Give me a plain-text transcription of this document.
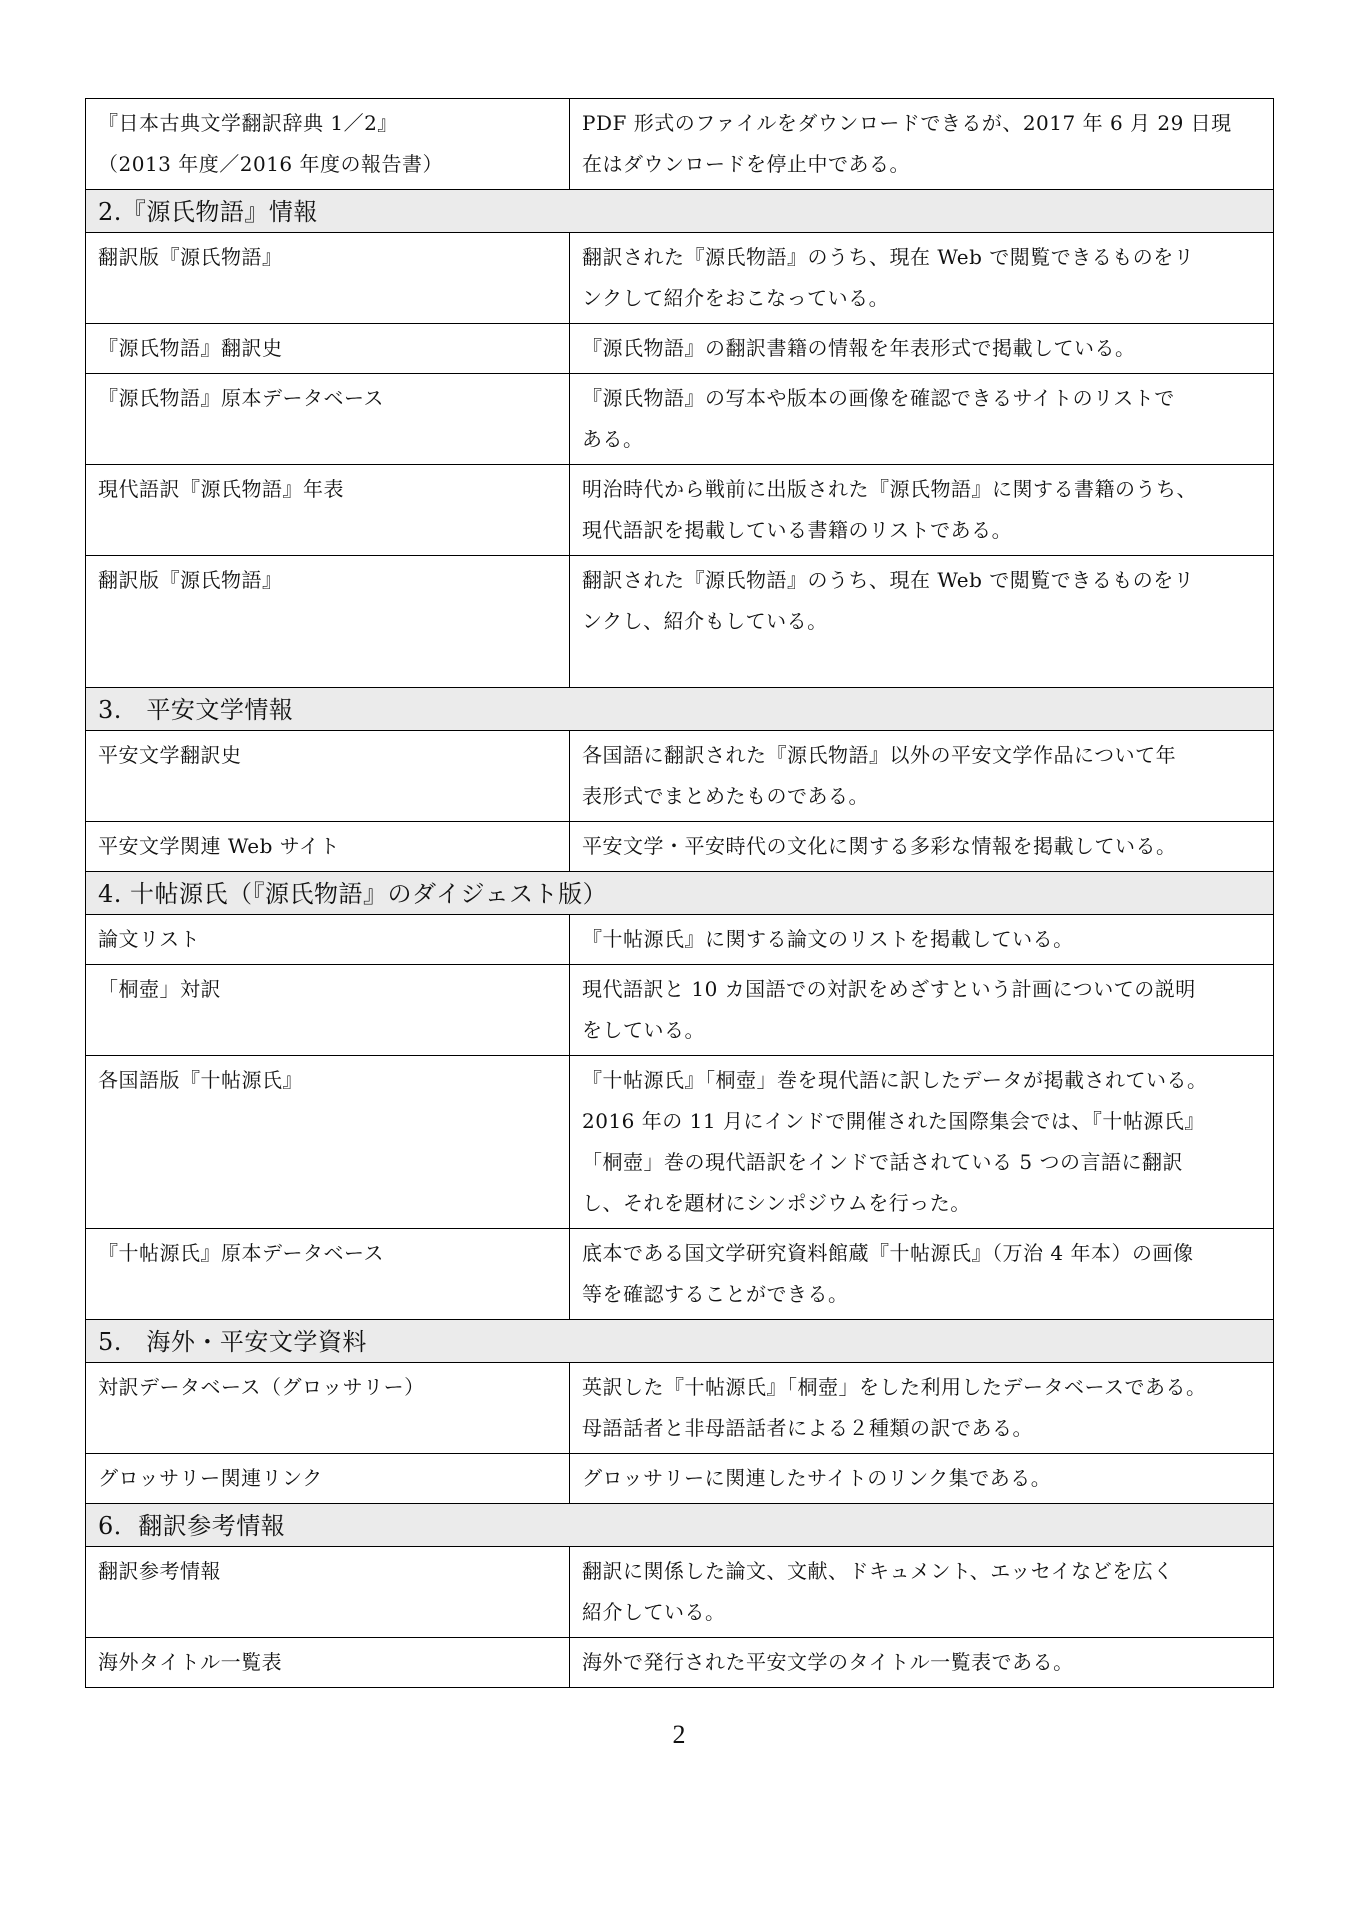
『日本古典文学翻訳辞典 1／2』
（2013 年度／2016 年度の報告書）	PDF 形式のファイルをダウンロードできるが、2017 年 6 月 29 日現
在はダウンロードを停止中である。

2.『源氏物語』情報	

翻訳版『源氏物語』	翻訳された『源氏物語』のうち、現在 Web で閲覧できるものをリ
ンクして紹介をおこなっている。

『源氏物語』翻訳史	『源氏物語』の翻訳書籍の情報を年表形式で掲載している。

『源氏物語』原本データベース	『源氏物語』の写本や版本の画像を確認できるサイトのリストで
ある。

現代語訳『源氏物語』年表	明治時代から戦前に出版された『源氏物語』に関する書籍のうち、
現代語訳を掲載している書籍のリストである。

翻訳版『源氏物語』	翻訳された『源氏物語』のうち、現在 Web で閲覧できるものをリ
ンクし、紹介もしている。

3.　平安文学情報	

平安文学翻訳史	各国語に翻訳された『源氏物語』以外の平安文学作品について年
表形式でまとめたものである。

平安文学関連 Web サイト	平安文学・平安時代の文化に関する多彩な情報を掲載している。

4. 十帖源氏（『源氏物語』のダイジェスト版）	

論文リスト	『十帖源氏』に関する論文のリストを掲載している。

「桐壺」対訳	現代語訳と 10 カ国語での対訳をめざすという計画についての説明
をしている。

各国語版『十帖源氏』	『十帖源氏』「桐壺」巻を現代語に訳したデータが掲載されている。
2016 年の 11 月にインドで開催された国際集会では、『十帖源氏』
「桐壺」巻の現代語訳をインドで話されている 5 つの言語に翻訳
し、それを題材にシンポジウムを行った。

『十帖源氏』原本データベース	底本である国文学研究資料館蔵『十帖源氏』（万治 4 年本）の画像
等を確認することができる。

5.　海外・平安文学資料	

対訳データベース（グロッサリー）	英訳した『十帖源氏』「桐壺」をした利用したデータベースである。
母語話者と非母語話者による２種類の訳である。

グロッサリー関連リンク	グロッサリーに関連したサイトのリンク集である。

6．翻訳参考情報	

翻訳参考情報	翻訳に関係した論文、文献、ドキュメント、エッセイなどを広く
紹介している。

海外タイトル一覧表	海外で発行された平安文学のタイトル一覧表である。
2
